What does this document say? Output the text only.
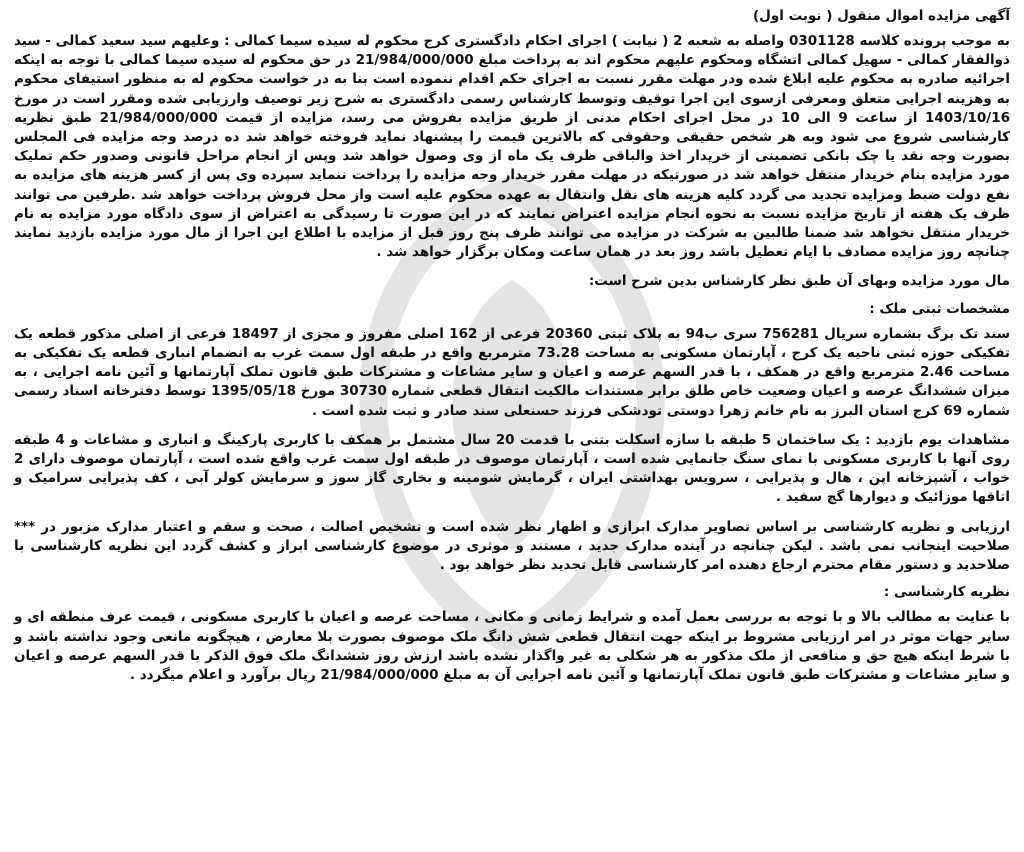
آگهی مزایده اموال منقول ( نوبت اول)
به موجب پرونده کلاسه 0301128 واصله به شعبه 2 ( نیابت ) اجرای احکام دادگستری کرج محکوم له سیده سیما کمالی : وعلیهم سید سعید کمالی - سید ذوالفقار کمالی - سهیل کمالی اتشگاه ومحکوم علیهم محکوم اند به پرداخت مبلغ 21/984/000/000 در حق محکوم له سیده سیما کمالی با توجه به اینکه اجرائیه صادره به محکوم علیه ابلاغ شده ودر مهلت مقرر نسبت به اجرای حکم اقدام ننموده است بنا به در خواست محکوم له به منظور استیفای محکوم به وهزینه اجرایی متعلق ومعرفی ازسوی این اجرا توقیف وتوسط کارشناس رسمی دادگستری به شرح زیر توصیف وارزیابی شده ومقرر است در مورخ 1403/10/16 از ساعت 9 الی 10 در محل اجرای احکام مدنی از طریق مزایده بفروش می رسد، مزایده از قیمت 21/984/000/000 طبق نظریه کارشناسی شروع می شود وبه هر شخص حقیقی وحقوقی که بالاترین قیمت را پیشنهاد نماید فروخته خواهد شد ده درصد وجه مزایده فی المجلس بصورت وجه نقد یا چک بانکی تضمینی از خریدار اخذ والباقی ظرف یک ماه از وی وصول خواهد شد وپس از انجام مراحل قانونی وصدور حکم تملیک مورد مزایده بنام خریدار منتقل خواهد شد در صورتیکه در مهلت مقرر خریدار وجه مزایده را پرداخت ننماید سپرده وی پس از کسر هزینه های مزایده به نفع دولت ضبط ومزایده تجدید می گردد کلیه هزینه های نقل وانتقال به عهده محکوم علیه است واز محل فروش پرداخت خواهد شد .طرفین می توانند ظرف یک هفته از تاریخ مزایده نسبت به نحوه انجام مزایده اعتراض نمایند که در این صورت تا رسیدگی به اعتراض از سوی دادگاه مورد مزایده به نام خریدار منتقل نخواهد شد ضمنا طالبین به شرکت در مزایده می توانند ظرف پنج روز قبل از مزایده با اطلاع این اجرا از مال مورد مزایده بازدید نمایند چنانچه روز مزایده مصادف با ایام تعطیل باشد روز بعد در همان ساعت ومکان برگزار خواهد شد .
مال مورد مزایده وبهای آن طبق نظر کارشناس بدین شرح است:
مشخصات ثبتی ملک :
سند تک برگ بشماره سریال 756281 سری ب94 به پلاک ثبتی 20360 فرعی از 162 اصلی مفروز و مجزی از 18497 فرعی از اصلی مذکور قطعه یک تفکیکی حوزه ثبتی ناحیه یک کرج ، آپارتمان مسکونی به مساحت 73.28 مترمربع واقع در طبقه اول سمت غرب به انضمام انباری قطعه یک تفکیکی به مساحت 2.46 مترمربع واقع در همکف ، با قدر السهم عرصه و اعیان و سایر مشاعات و مشترکات طبق قانون تملک آپارتمانها و آئین نامه اجرایی ، به میزان ششدانگ عرصه و اعیان وضعیت خاص طلق برابر مستندات مالکیت انتقال قطعی شماره 30730 مورخ 1395/05/18 توسط دفترخانه اسناد رسمی شماره 69 کرج استان البرز به نام خانم زهرا دوستی تودشکی فرزند حسنعلی سند صادر و ثبت شده است .
مشاهدات یوم بازدید : یک ساختمان 5 طبقه با سازه اسکلت بتنی با قدمت 20 سال مشتمل بر همکف با کاربری پارکینگ و انباری و مشاعات و 4 طبقه روی آنها با کاربری مسکونی با نمای سنگ جانمایی شده است ، آپارتمان موصوف در طبقه اول سمت غرب واقع شده است ، آپارتمان موصوف دارای 2 خواب ، آشپزخانه اپن ، هال و پذیرایی ، سرویس بهداشتی ایران ، گرمایش شومینه و بخاری گاز سوز و سرمایش کولر آبی ، کف پذیرایی سرامیک و اتاقها موزائیک و دیوارها گچ سفید .
ارزیابی و نظریه کارشناسی بر اساس تصاویر مدارک ابرازی و اظهار نظر شده است و تشخیص اصالت ، صحت و سقم و اعتبار مدارک مزبور در *** صلاحیت اینجانب نمی باشد . لیکن چنانچه در آینده مدارک جدید ، مستند و موثری در موضوع کارشناسی ابراز و کشف گردد این نظریه کارشناسی با صلاحدید و دستور مقام محترم ارجاع دهنده امر کارشناسی قابل تجدید نظر خواهد بود .
نظریه کارشناسی :
با عنایت به مطالب بالا و با توجه به بررسی بعمل آمده و شرایط زمانی و مکانی ، مساحت عرصه و اعیان با کاربری مسکونی ، قیمت عرف منطقه ای و سایر جهات موثر در امر ارزیابی مشروط بر اینکه جهت انتقال قطعی شش دانگ ملک موصوف بصورت بلا معارض ، هیچگونه مانعی وجود نداشته باشد و با شرط اینکه هیچ حق و منافعی از ملک مذکور به هر شکلی به غیر واگذار نشده باشد ارزش روز ششدانگ ملک فوق الذکر با قدر السهم عرصه و اعیان و سایر مشاعات و مشترکات طبق قانون تملک آپارتمانها و آئین نامه اجرایی آن به مبلغ 21/984/000/000 ریال برآورد و اعلام میگردد .
